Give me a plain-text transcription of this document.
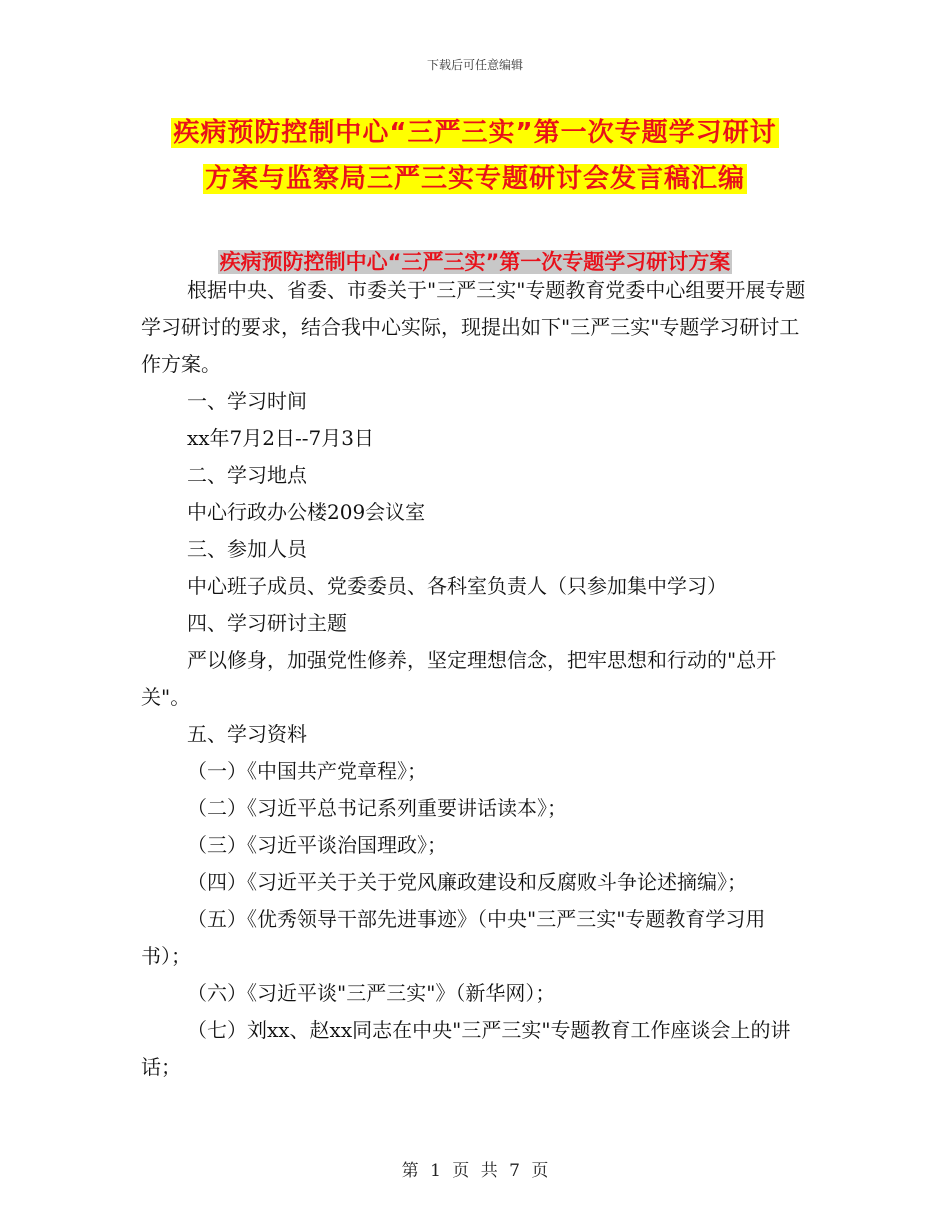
下载后可任意编辑
疾病预防控制中心“三严三实”第一次专题学习研讨
方案与监察局三严三实专题研讨会发言稿汇编
疾病预防控制中心“三严三实”第一次专题学习研讨方案

根据中央、省委、市委关于"三严三实"专题教育党委中心组要开展专题学习研讨的要求，结合我中心实际，现提出如下"三严三实"专题学习研讨工作方案。

一、学习时间

xx年7月2日--7月3日

二、学习地点

中心行政办公楼209会议室

三、参加人员

中心班子成员、党委委员、各科室负责人（只参加集中学习）

四、学习研讨主题

严以修身，加强党性修养，坚定理想信念，把牢思想和行动的"总开关"。

五、学习资料

（一）《中国共产党章程》；

（二）《习近平总书记系列重要讲话读本》；

（三）《习近平谈治国理政》；

（四）《习近平关于关于党风廉政建设和反腐败斗争论述摘编》；

（五）《优秀领导干部先进事迹》（中央"三严三实"专题教育学习用书）；

（六）《习近平谈"三严三实"》（新华网）；

（七）刘xx、赵xx同志在中央"三严三实"专题教育工作座谈会上的讲话；

第 1 页 共 7 页
